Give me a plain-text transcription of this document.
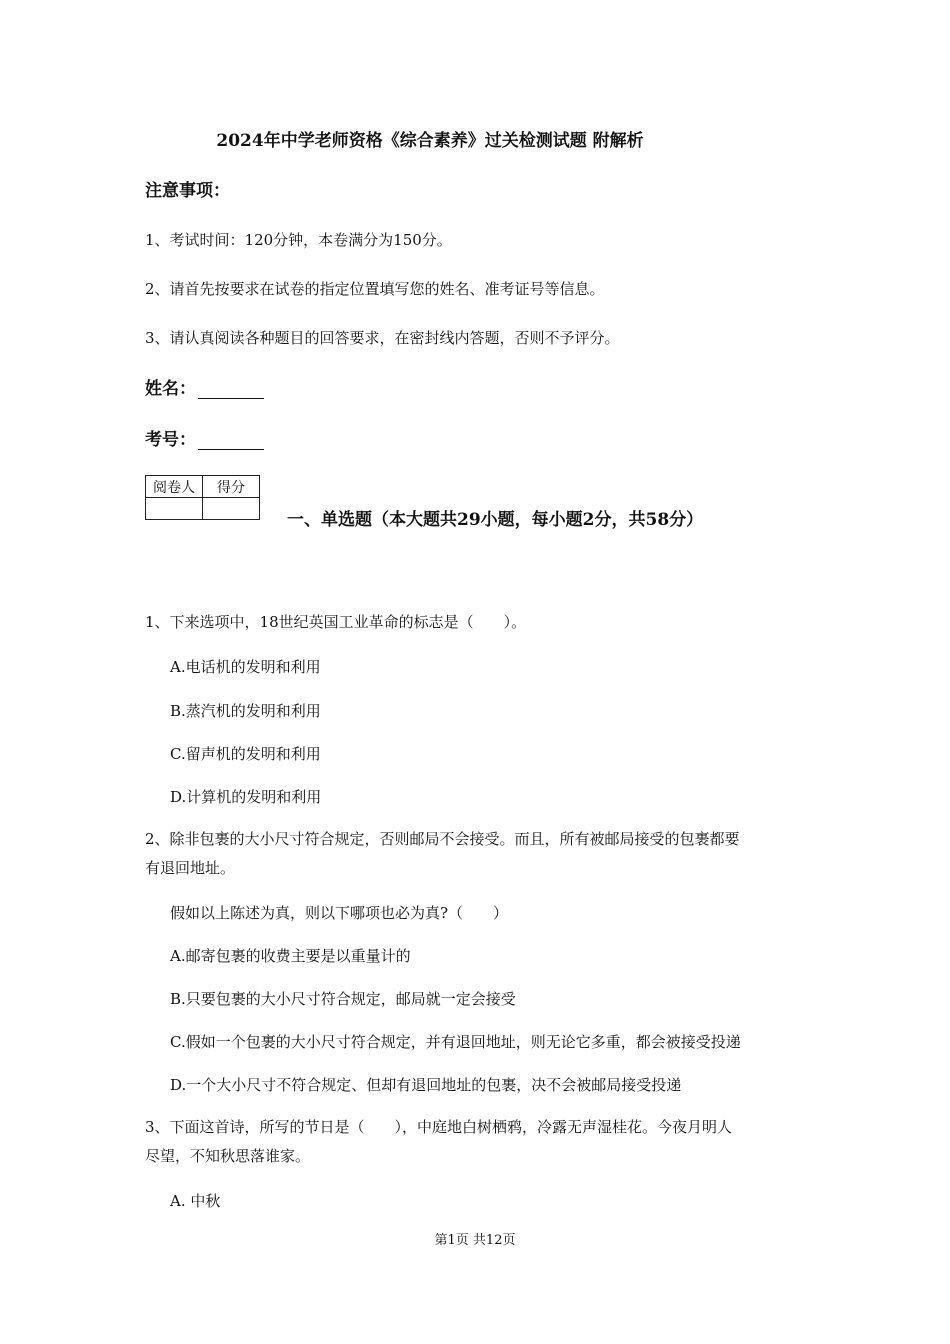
2024年中学老师资格《综合素养》过关检测试题 附解析
注意事项：
1、考试时间：120分钟，本卷满分为150分。
2、请首先按要求在试卷的指定位置填写您的姓名、准考证号等信息。
3、请认真阅读各种题目的回答要求，在密封线内答题，否则不予评分。
姓名：
考号：
阅卷人	得分

一、单选题（本大题共29小题，每小题2分，共58分）
1、下来选项中，18世纪英国工业革命的标志是（　　）。
A.电话机的发明和利用
B.蒸汽机的发明和利用
C.留声机的发明和利用
D.计算机的发明和利用
2、除非包裹的大小尺寸符合规定，否则邮局不会接受。而且，所有被邮局接受的包裹都要
有退回地址。
假如以上陈述为真，则以下哪项也必为真?（　　）
A.邮寄包裹的收费主要是以重量计的
B.只要包裹的大小尺寸符合规定，邮局就一定会接受
C.假如一个包裹的大小尺寸符合规定，并有退回地址，则无论它多重，都会被接受投递
D.一个大小尺寸不符合规定、但却有退回地址的包裹，决不会被邮局接受投递
3、下面这首诗，所写的节日是（　　），中庭地白树栖鸦，冷露无声湿桂花。今夜月明人
尽望，不知秋思落谁家。
A. 中秋
第1页 共12页
